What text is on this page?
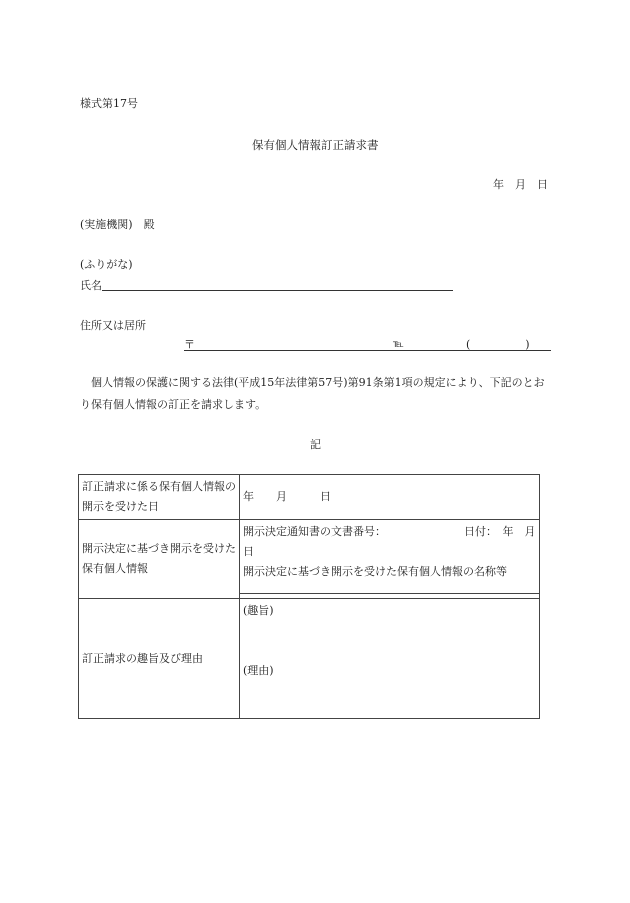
様式第17号
保有個人情報訂正請求書
年　月　日
(実施機関)　殿
(ふりがな)
氏名
住所又は居所
〒	℡	(　　　　　)
個人情報の保護に関する法律(平成15年法律第57号)第91条第1項の規定により、下記のとおり保有個人情報の訂正を請求します。
記
訂正請求に係る保有個人情報の開示を受けた日	年　　月　　　日
開示決定に基づき開示を受けた保有個人情報	開示決定通知書の文書番号： 日付：　年　月　日
開示決定に基づき開示を受けた保有個人情報の名称等

訂正請求の趣旨及び理由	(趣旨)
(理由)
